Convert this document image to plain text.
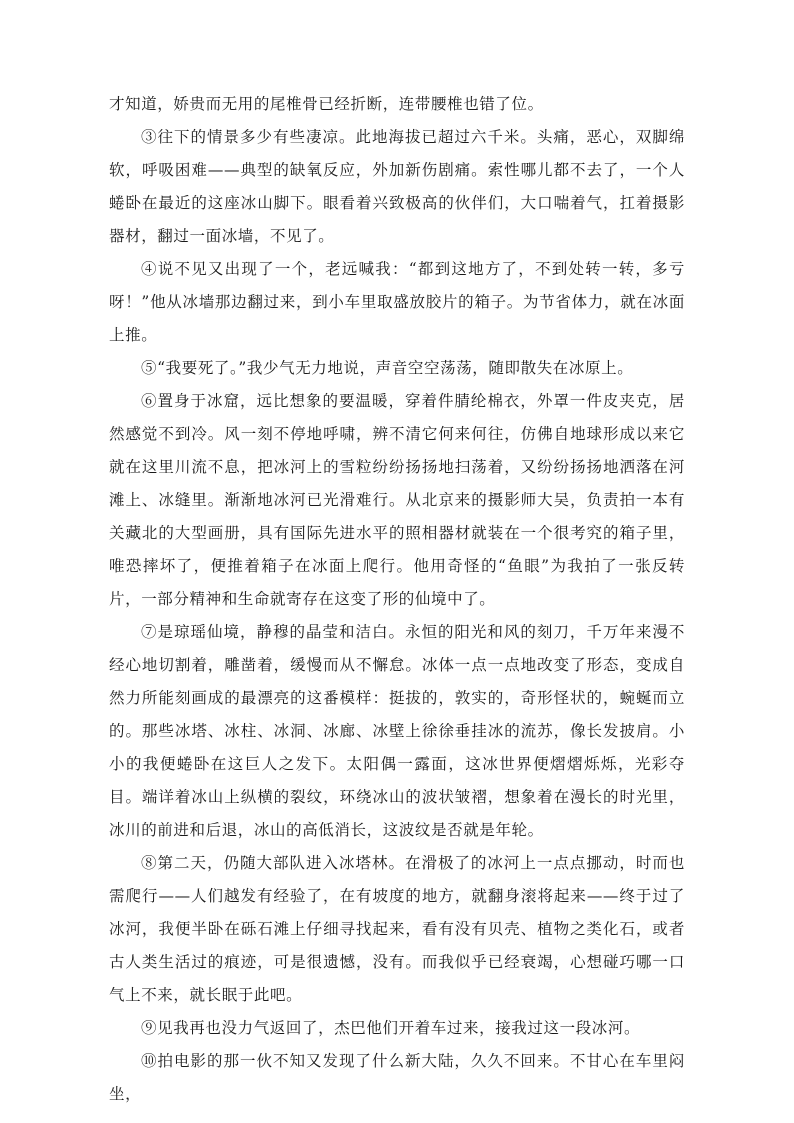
才知道，娇贵而无用的尾椎骨已经折断，连带腰椎也错了位。

③往下的情景多少有些凄凉。此地海拔已超过六千米。头痛，恶心，双脚绵软，呼吸困难——典型的缺氧反应，外加新伤剧痛。索性哪儿都不去了，一个人蜷卧在最近的这座冰山脚下。眼看着兴致极高的伙伴们，大口喘着气，扛着摄影器材，翻过一面冰墙，不见了。

④说不见又出现了一个，老远喊我：“都到这地方了，不到处转一转，多亏呀！”他从冰墙那边翻过来，到小车里取盛放胶片的箱子。为节省体力，就在冰面上推。

⑤“我要死了。”我少气无力地说，声音空空荡荡，随即散失在冰原上。

⑥置身于冰窟，远比想象的要温暖，穿着件腈纶棉衣，外罩一件皮夹克，居然感觉不到冷。风一刻不停地呼啸，辨不清它何来何往，仿佛自地球形成以来它就在这里川流不息，把冰河上的雪粒纷纷扬扬地扫荡着，又纷纷扬扬地洒落在河滩上、冰缝里。渐渐地冰河已光滑难行。从北京来的摄影师大吴，负责拍一本有关藏北的大型画册，具有国际先进水平的照相器材就装在一个很考究的箱子里，唯恐摔坏了，便推着箱子在冰面上爬行。他用奇怪的“鱼眼”为我拍了一张反转片，一部分精神和生命就寄存在这变了形的仙境中了。

⑦是琼瑶仙境，静穆的晶莹和洁白。永恒的阳光和风的刻刀，千万年来漫不经心地切割着，雕凿着，缓慢而从不懈怠。冰体一点一点地改变了形态，变成自然力所能刻画成的最漂亮的这番模样：挺拔的，敦实的，奇形怪状的，蜿蜒而立的。那些冰塔、冰柱、冰洞、冰廊、冰壁上徐徐垂挂冰的流苏，像长发披肩。小小的我便蜷卧在这巨人之发下。太阳偶一露面，这冰世界便熠熠烁烁，光彩夺目。端详着冰山上纵横的裂纹，环绕冰山的波状皱褶，想象着在漫长的时光里，冰川的前进和后退，冰山的高低消长，这波纹是否就是年轮。

⑧第二天，仍随大部队进入冰塔林。在滑极了的冰河上一点点挪动，时而也需爬行——人们越发有经验了，在有坡度的地方，就翻身滚将起来——终于过了冰河，我便半卧在砾石滩上仔细寻找起来，看有没有贝壳、植物之类化石，或者古人类生活过的痕迹，可是很遗憾，没有。而我似乎已经衰竭，心想碰巧哪一口气上不来，就长眠于此吧。

⑨见我再也没力气返回了，杰巴他们开着车过来，接我过这一段冰河。

⑩拍电影的那一伙不知又发现了什么新大陆，久久不回来。不甘心在车里闷坐，
